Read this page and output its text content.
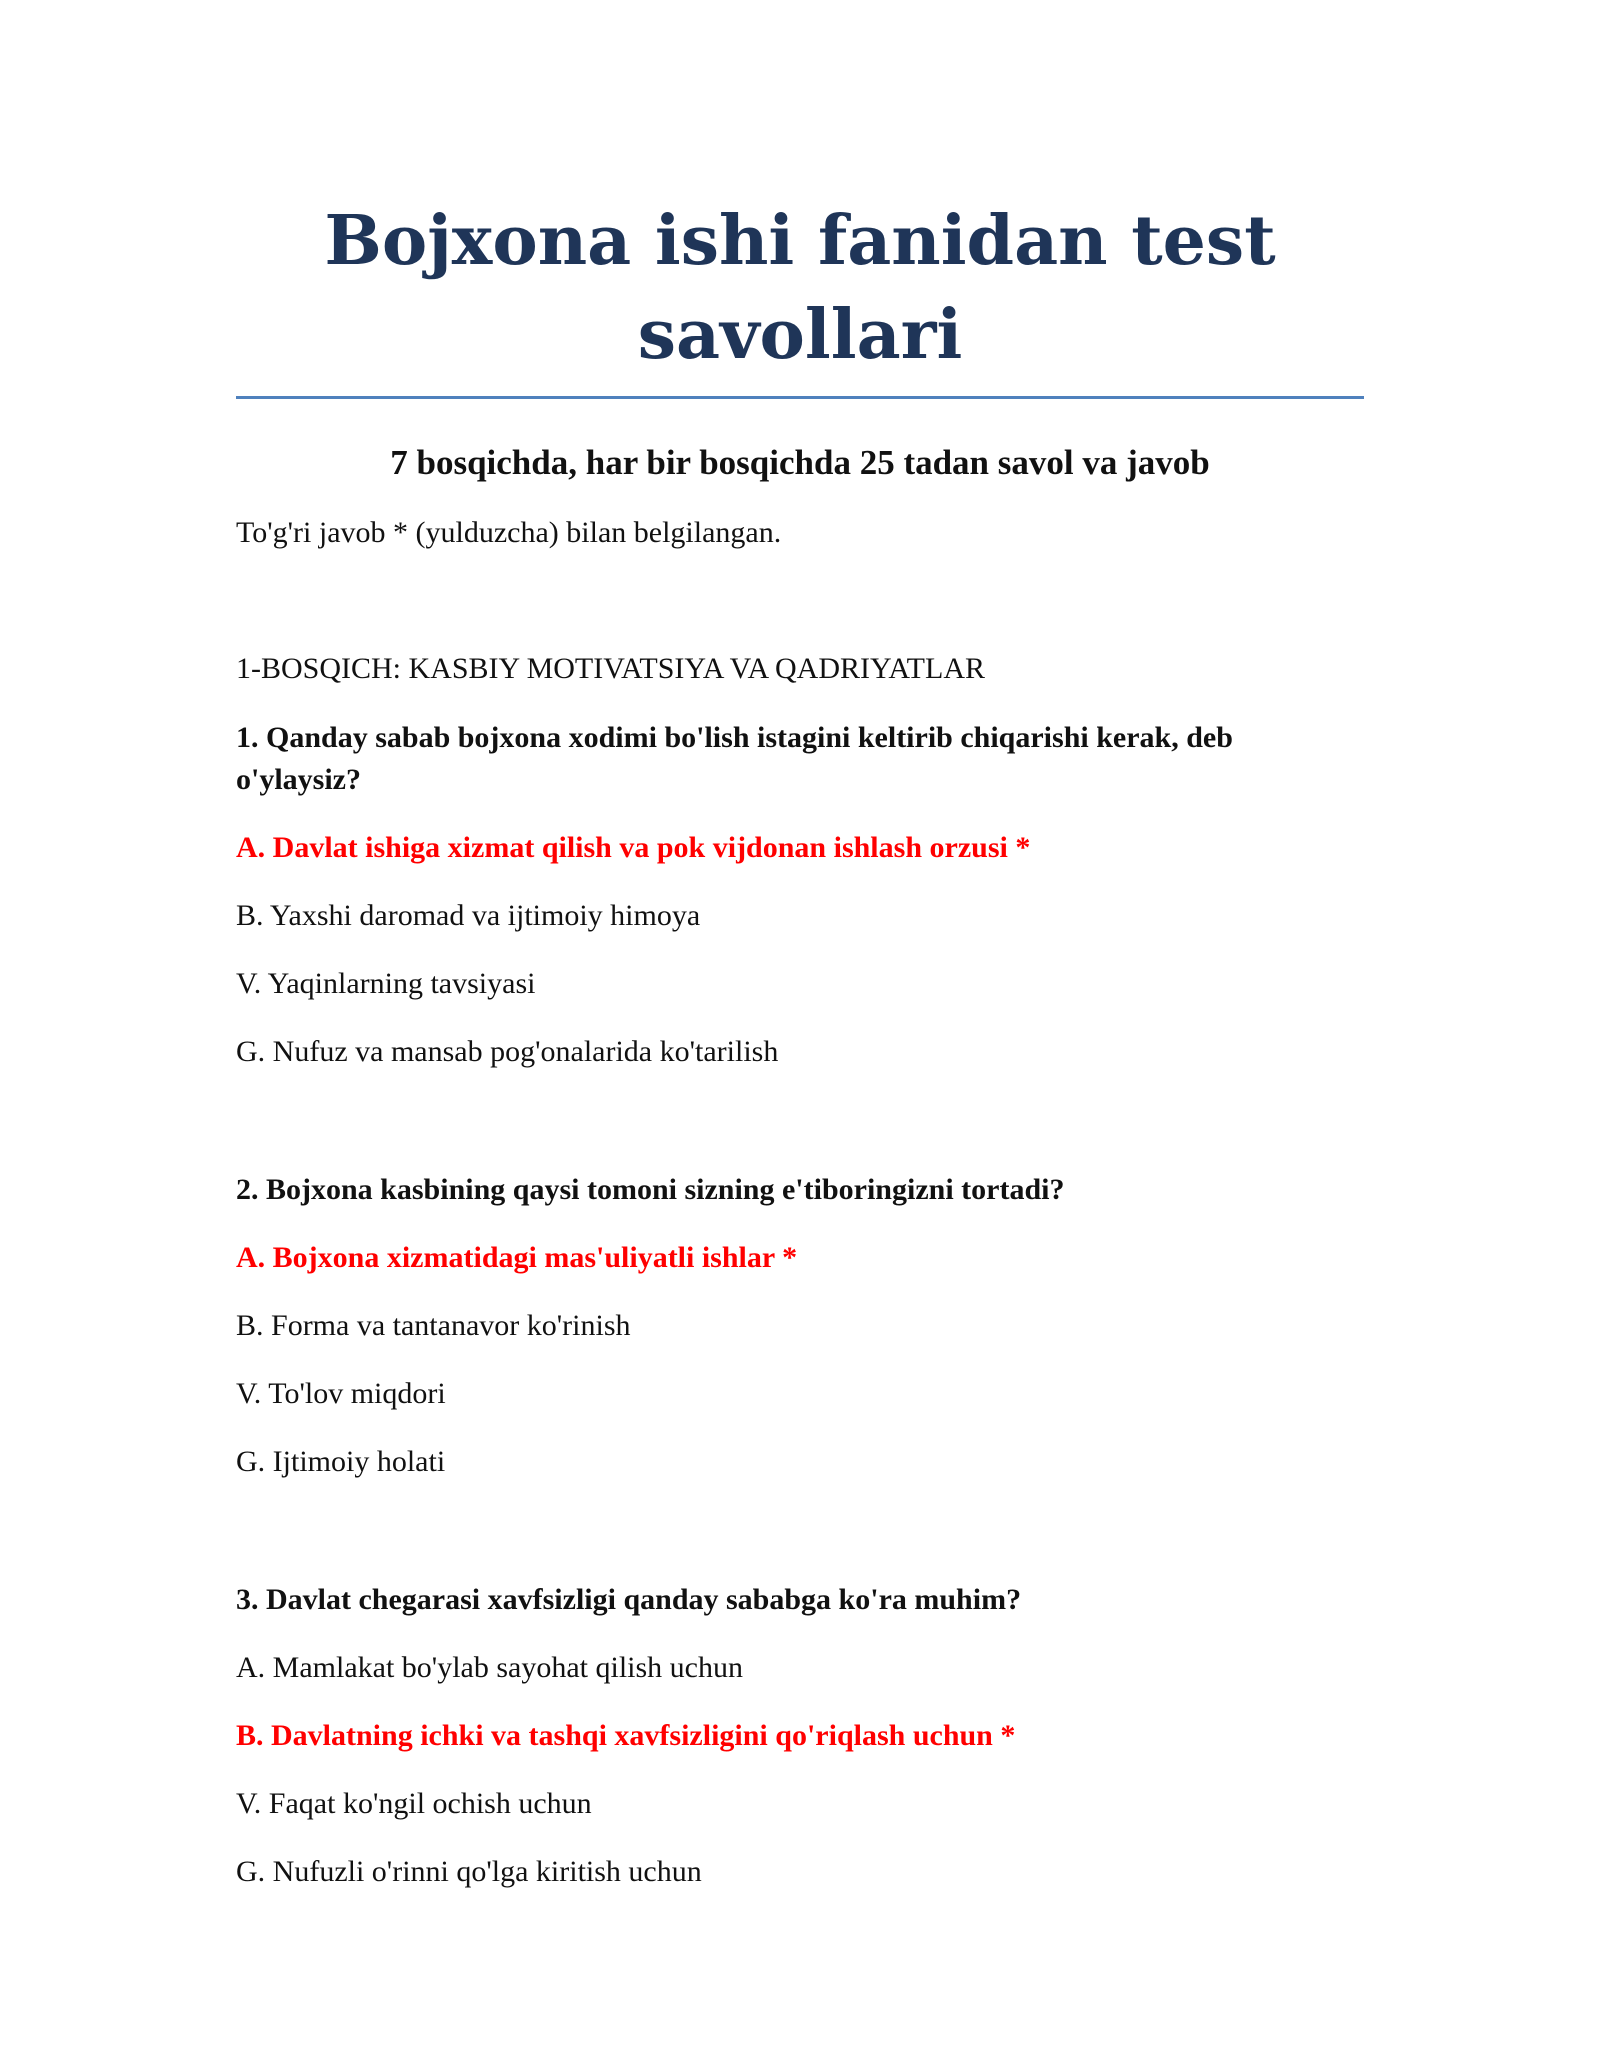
Bojxona ishi fanidan test savollari
7 bosqichda, har bir bosqichda 25 tadan savol va javob

To'g'ri javob * (yulduzcha) bilan belgilangan.

1-BOSQICH: KASBIY MOTIVATSIYA VA QADRIYATLAR

1. Qanday sabab bojxona xodimi bo'lish istagini keltirib chiqarishi kerak, deb o'ylaysiz?

A. Davlat ishiga xizmat qilish va pok vijdonan ishlash orzusi *

B. Yaxshi daromad va ijtimoiy himoya

V. Yaqinlarning tavsiyasi

G. Nufuz va mansab pog'onalarida ko'tarilish

2. Bojxona kasbining qaysi tomoni sizning e'tiboringizni tortadi?

A. Bojxona xizmatidagi mas'uliyatli ishlar *

B. Forma va tantanavor ko'rinish

V. To'lov miqdori

G. Ijtimoiy holati

3. Davlat chegarasi xavfsizligi qanday sababga ko'ra muhim?

A. Mamlakat bo'ylab sayohat qilish uchun

B. Davlatning ichki va tashqi xavfsizligini qo'riqlash uchun *

V. Faqat ko'ngil ochish uchun

G. Nufuzli o'rinni qo'lga kiritish uchun
